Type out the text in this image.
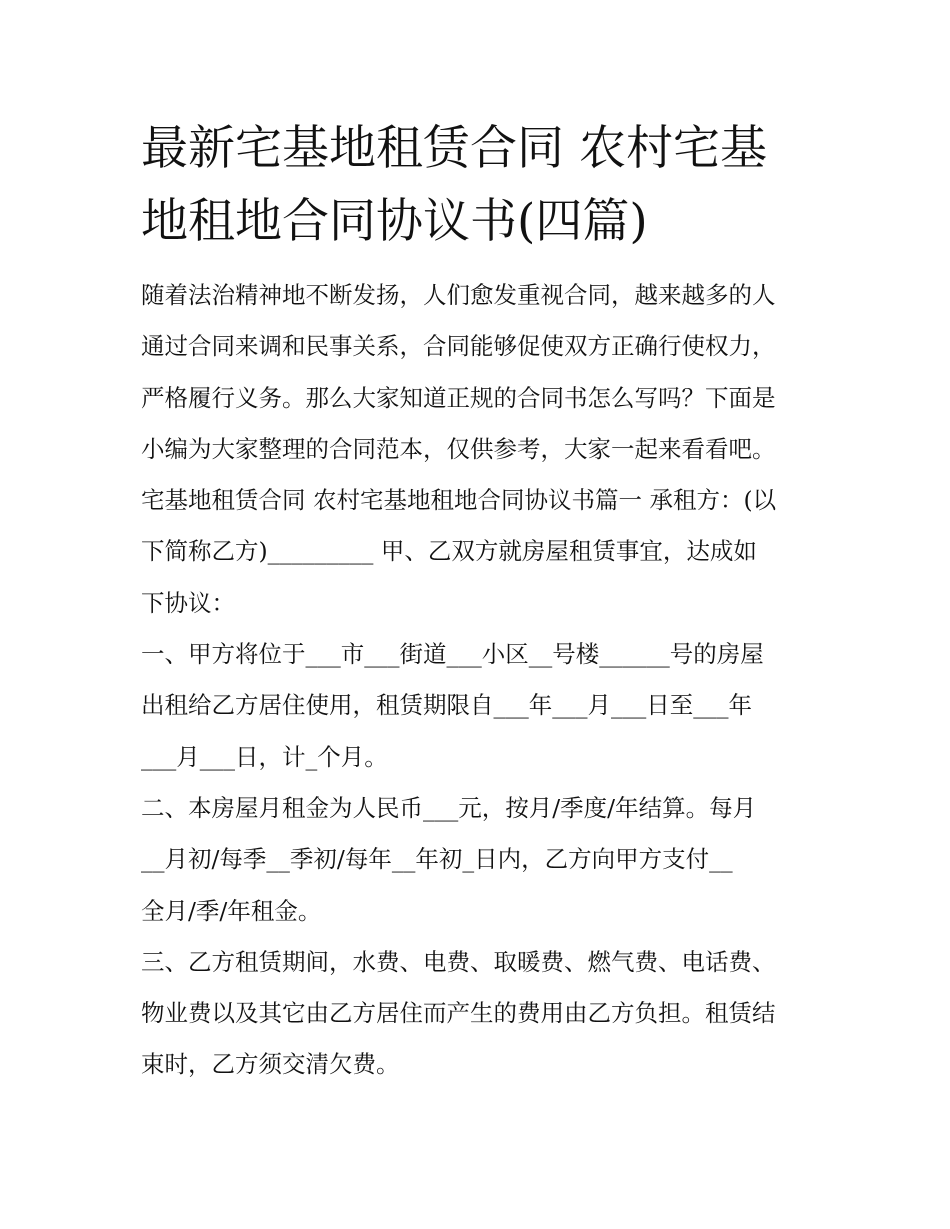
最新宅基地租赁合同 农村宅基
地租地合同协议书(四篇)
随着法治精神地不断发扬，人们愈发重视合同，越来越多的人
通过合同来调和民事关系，合同能够促使双方正确行使权力，
严格履行义务。那么大家知道正规的合同书怎么写吗？下面是
小编为大家整理的合同范本，仅供参考，大家一起来看看吧。
宅基地租赁合同 农村宅基地租地合同协议书篇一 承租方：(以
下简称乙方)_________ 甲、乙双方就房屋租赁事宜，达成如
下协议：
一、甲方将位于___市___街道___小区__号楼______号的房屋
出租给乙方居住使用，租赁期限自___年___月___日至___年
___月___日，计_个月。
二、本房屋月租金为人民币___元，按月/季度/年结算。每月
__月初/每季__季初/每年__年初_日内，乙方向甲方支付__
全月/季/年租金。
三、乙方租赁期间，水费、电费、取暖费、燃气费、电话费、
物业费以及其它由乙方居住而产生的费用由乙方负担。租赁结
束时，乙方须交清欠费。
